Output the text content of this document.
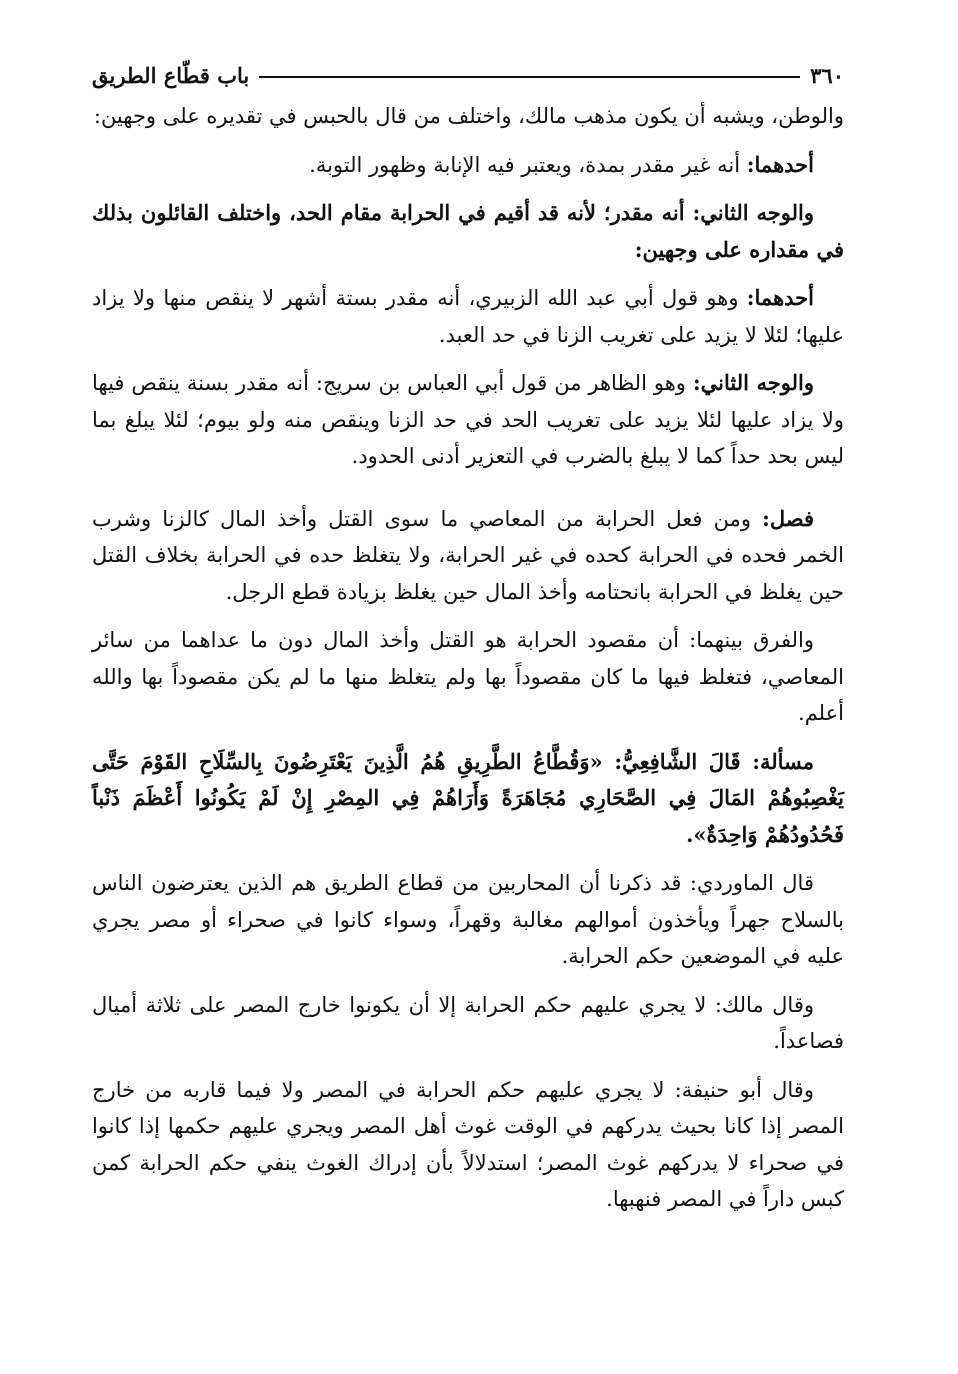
٣٦٠
باب قطّاع الطريق

والوطن، ويشبه أن يكون مذهب مالك، واختلف من قال بالحبس في تقديره على وجهين:

أحدهما: أنه غير مقدر بمدة، ويعتبر فيه الإنابة وظهور التوبة.

والوجه الثاني: أنه مقدر؛ لأنه قد أقيم في الحرابة مقام الحد، واختلف القائلون بذلك في مقداره على وجهين:

أحدهما: وهو قول أبي عبد الله الزبيري، أنه مقدر بستة أشهر لا ينقص منها ولا يزاد عليها؛ لئلا لا يزيد على تغريب الزنا في حد العبد.

والوجه الثاني: وهو الظاهر من قول أبي العباس بن سريج: أنه مقدر بسنة ينقص فيها ولا يزاد عليها لئلا يزيد على تغريب الحد في حد الزنا وينقص منه ولو بيوم؛ لئلا يبلغ بما ليس بحد حداً كما لا يبلغ بالضرب في التعزير أدنى الحدود.

فصل: ومن فعل الحرابة من المعاصي ما سوى القتل وأخذ المال كالزنا وشرب الخمر فحده في الحرابة كحده في غير الحرابة، ولا يتغلظ حده في الحرابة بخلاف القتل حين يغلظ في الحرابة بانحتامه وأخذ المال حين يغلظ بزيادة قطع الرجل.

والفرق بينهما: أن مقصود الحرابة هو القتل وأخذ المال دون ما عداهما من سائر المعاصي، فتغلظ فيها ما كان مقصوداً بها ولم يتغلظ منها ما لم يكن مقصوداً بها والله أعلم.

مسألة: قَالَ الشَّافِعِيُّ: «وَقُطَّاعُ الطَّرِيقِ هُمُ الَّذِينَ يَعْتَرِضُونَ بِالسِّلَاحِ القَوْمَ حَتَّى يَغْصِبُوهُمْ المَالَ فِي الصَّحَارِي مُجَاهَرَةً وَأَرَاهُمْ فِي المِصْرِ إِنْ لَمْ يَكُونُوا أَعْظَمَ ذَنْباً فَحُدُودُهُمْ وَاحِدَةٌ».

قال الماوردي: قد ذكرنا أن المحاربين من قطاع الطريق هم الذين يعترضون الناس بالسلاح جهراً ويأخذون أموالهم مغالبة وقهراً، وسواء كانوا في صحراء أو مصر يجري عليه في الموضعين حكم الحرابة.

وقال مالك: لا يجري عليهم حكم الحرابة إلا أن يكونوا خارج المصر على ثلاثة أميال فصاعداً.

وقال أبو حنيفة: لا يجري عليهم حكم الحرابة في المصر ولا فيما قاربه من خارج المصر إذا كانا بحيث يدركهم في الوقت غوث أهل المصر ويجري عليهم حكمها إذا كانوا في صحراء لا يدركهم غوث المصر؛ استدلالاً بأن إدراك الغوث ينفي حكم الحرابة كمن كبس داراً في المصر فنهبها.
